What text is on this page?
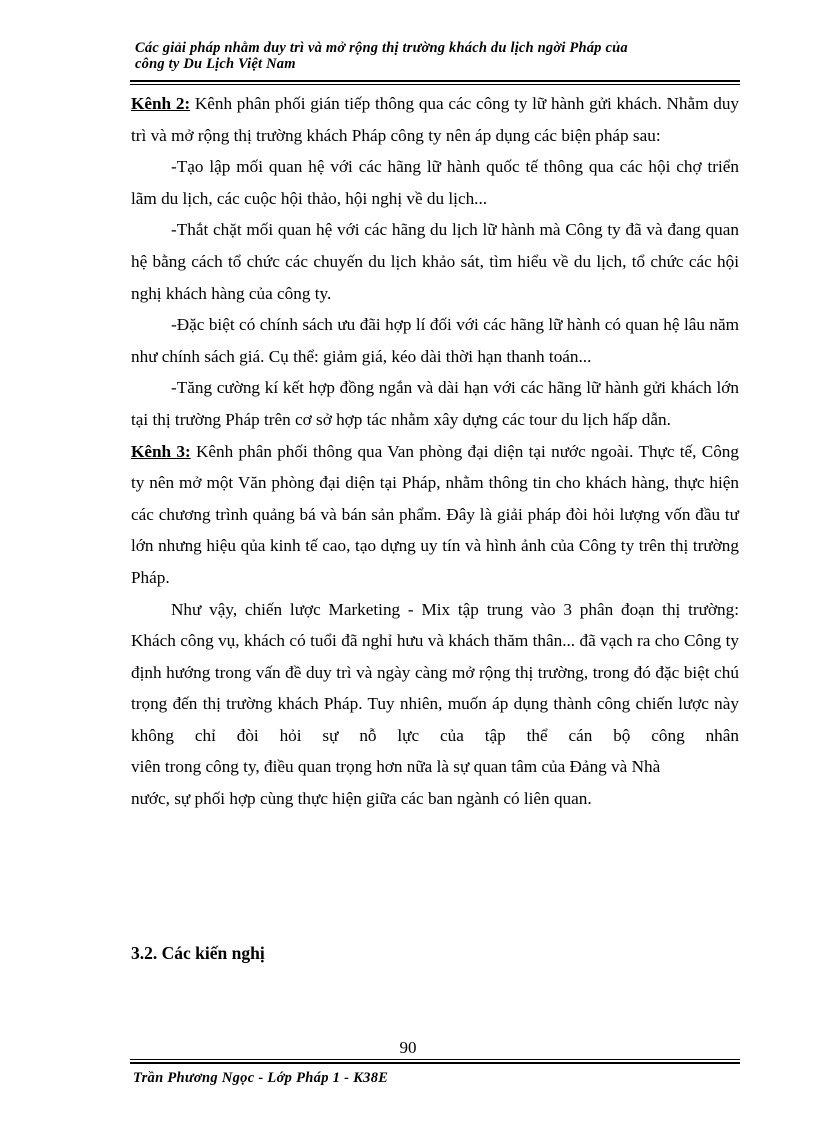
Các giải pháp nhằm duy trì và mở rộng thị trường khách du lịch ngời Pháp của
công ty Du Lịch Việt Nam

Kênh 2: Kênh phân phối gián tiếp thông qua các công ty lữ hành gửi khách. Nhằm duy trì và mở rộng thị trường khách Pháp công ty nên áp dụng các biện pháp sau:

-Tạo lập mối quan hệ với các hãng lữ hành quốc tế thông qua các hội chợ triển lãm du lịch, các cuộc hội thảo, hội nghị về du lịch...

-Thắt chặt mối quan hệ với các hãng du lịch lữ hành mà Công ty đã và đang quan hệ bằng cách tổ chức các chuyến du lịch khảo sát, tìm hiểu về du lịch, tổ chức các hội nghị khách hàng của công ty.

-Đặc biệt có chính sách ưu đãi hợp lí đối với các hãng lữ hành có quan hệ lâu năm như chính sách giá. Cụ thể: giảm giá, kéo dài thời hạn thanh toán...

-Tăng cường kí kết hợp đồng ngắn và dài hạn với các hãng lữ hành gửi khách lớn tại thị trường Pháp trên cơ sở hợp tác nhằm xây dựng các tour du lịch hấp dẫn.

Kênh 3: Kênh phân phối thông qua Van phòng đại diện tại nước ngoài. Thực tế, Công ty nên mở một Văn phòng đại diện tại Pháp, nhằm thông tin cho khách hàng, thực hiện các chương trình quảng bá và bán sản phẩm. Đây là giải pháp đòi hỏi lượng vốn đầu tư lớn nhưng hiệu qủa kinh tế cao, tạo dựng uy tín và hình ảnh của Công ty trên thị trường Pháp.

Như vậy, chiến lược Marketing - Mix tập trung vào 3 phân đoạn thị trường: Khách công vụ, khách có tuổi đã nghỉ hưu và khách thăm thân... đã vạch ra cho Công ty định hướng trong vấn đề duy trì và ngày càng mở rộng thị trường, trong đó đặc biệt chú trọng đến thị trường khách Pháp. Tuy nhiên, muốn áp dụng thành công chiến lược này không chỉ đòi hỏi sự nỗ lực của tập thể cán bộ công nhân

viên trong công ty, điều quan trọng hơn nữa là sự quan tâm của Đảng và Nhà

nước, sự phối hợp cùng thực hiện giữa các ban ngành có liên quan.

3.2. Các kiến nghị
90
Trần Phương Ngọc - Lớp Pháp 1 - K38E
